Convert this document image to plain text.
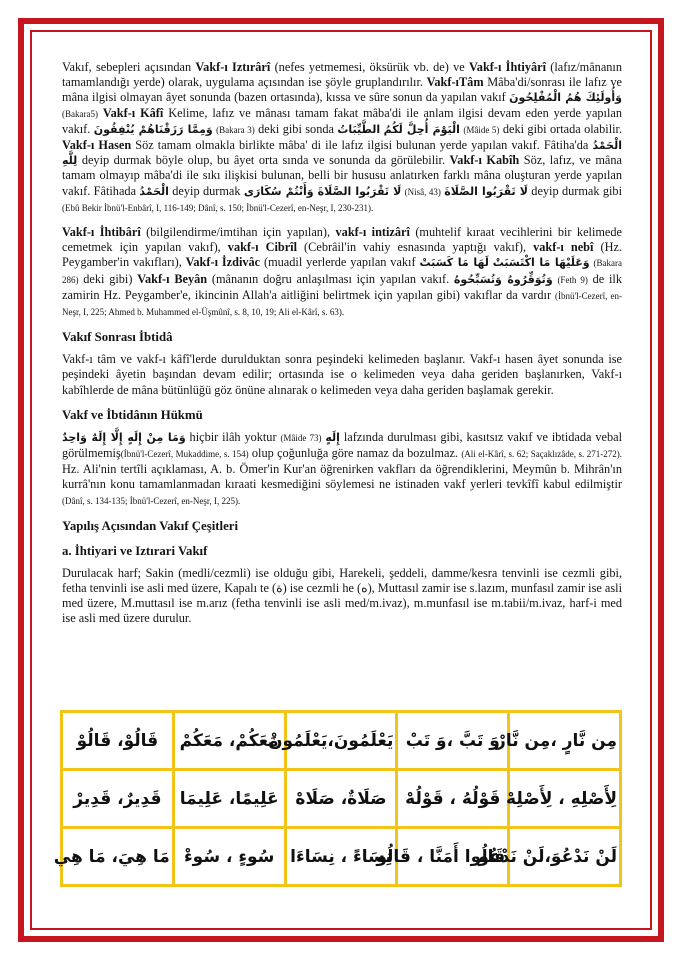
Vakıf, sebepleri açısından Vakf-ı Iztırârî (nefes yetmemesi, öksürük vb. de) ve Vakf-ı İhtiyârî (lafız/mânanın tamamlandığı yerde) olarak, uygulama açısından ise şöyle gruplandırılır. Vakf-ıTâm Mâba'di/sonrası ile lafız ve mâna ilgisi olmayan âyet sonunda (bazen ortasında), kıssa ve sûre sonun da yapılan vakıf وَأُولَئِكَ هُمُ الْمُفْلِحُونَ (Bakara5) Vakf-ı Kâfî Kelime, lafız ve mânası tamam fakat mâba'di ile anlam ilgisi devam eden yerde yapılan vakıf. وَمِمَّا رَزَقْنَاهُمْ يُنْفِقُونَ (Bakara 3) deki gibi sonda الطَّيِّبَاتُ الْيَوْمَ أُحِلَّ لَكُمُ (Mâide 5) deki gibi ortada olabilir. Vakf-ı Hasen Söz tamam olmakla birlikte mâba' di ile lafız ilgisi bulunan yerde yapılan vakıf. Fâtiha'da الْحَمْدُ لِلَّهِ deyip durmak böyle olup, bu âyet orta sında ve sonunda da görülebilir. Vakf-ı Kabîh Söz, lafız, ve mâna tamam olmayıp mâba'di ile sıkı ilişkisi bulunan, belli bir hususu anlatırken farklı mâna oluşturan yerde yapılan vakıf. Fâtihada الْحَمْدُ deyip durmak لَا تَقْرَبُوا الصَّلَاةَ وَأَنْتُمْ سُكَارَى (Nisâ, 43) لَا تَقْرَبُوا الصَّلَاةَ deyip durmak gibi (Ebû Bekir İbnü'l-Enbârî, I, 116-149; Dânî, s. 150; İbnü'l-Cezerî, en-Neşr, I, 230-231).

Vakf-ı İhtibârî (bilgilendirme/imtihan için yapılan), vakf-ı intizârî (muhtelif kıraat vecihlerini bir kelimede cemetmek için yapılan vakıf), vakf-ı Cibrîl (Cebrâil'in vahiy esnasında yaptığı vakıf), vakf-ı nebî (Hz. Peygamber'in vakıfları), Vakf-ı İzdivâc (muadil yerlerde yapılan vakıf لَهَا مَا كَسَبَتْ وَعَلَيْهَا مَا اكْتَسَبَتْ (Bakara 286) deki gibi) Vakf-ı Beyân (mânanın doğru anlaşılması için yapılan vakıf. وَتُوَقِّرُوهُ وَتُسَبِّحُوهُ (Feth 9) de ilk zamirin Hz. Peygamber'e, ikincinin Allah'a aitliğini belirtmek için yapılan gibi) vakıflar da vardır (İbnü'l-Cezerî, en-Neşr, I, 225; Ahmed b. Muhammed el-Üşmûnî, s. 8, 10, 19; Ali el-Kârî, s. 63).

Vakıf Sonrası İbtidâ

Vakf-ı tâm ve vakf-ı kâfî'lerde durulduktan sonra peşindeki kelimeden başlanır. Vakf-ı hasen âyet sonunda ise peşindeki âyetin başından devam edilir; ortasında ise o kelimeden veya daha geriden başlanırken, Vakf-ı kabîhlerde de mâna bütünlüğü göz önüne alınarak o kelimeden veya daha geriden başlamak gerekir.

Vakf ve İbtidânın Hükmü

وَمَا مِنْ إِلَهٍ إِلَّا إِلَهٌ وَاحِدٌ hiçbir ilâh yoktur (Mâide 73) إِلَهٍ lafzında durulması gibi, kasıtsız vakıf ve ibtidada vebal görülmemiş(İbnü'l-Cezerî, Mukaddime, s. 154) olup çoğunluğa göre namaz da bozulmaz. (Ali el-Kârî, s. 62; Saçaklızâde, s. 271-272). Hz. Ali'nin tertîli açıklaması, A. b. Ömer'in Kur'an öğrenirken vakfları da öğrendiklerini, Meymûn b. Mihrân'ın kurrâ'nın konu tamamlanmadan kıraati kesmediğini söylemesi ne istinaden vakf yerleri tevkîfî kabul edilmiştir (Dânî, s. 134-135; İbnü'l-Cezerî, en-Neşr, I, 225).

Yapılış Açısından Vakıf Çeşitleri
a. İhtiyari ve Iztırari Vakıf

Durulacak harf; Sakin (medli/cezmli) ise olduğu gibi, Harekeli, şeddeli, damme/kesra tenvinli ise cezmli gibi, fetha tenvinli ise asli med üzere, Kapalı te (ة) ise cezmli he (ه), Muttasıl zamir ise s.lazım, munfasıl zamir ise asli med üzere, M.muttasıl ise m.arız (fetha tenvinli ise asli med/m.ivaz), m.munfasıl ise m.tabii/m.ivaz, harf-i med ise asli med üzere durulur.

قَالُوْ، قَالُوْ	مَعَكُمْ، مَعَكُمْ	يَعْلَمُونَ،يَعْلَمُونْ	وَ تَبَّ ،وَ تَبْ	مِن نَّارٍ ،مِن نَّارْ
قَدِيرٌ، قَدِيرْ	عَلِيمًا، عَلِيمَا	صَلَاةٌ، صَلَاهْ	قَوْلُهُ ، قَوْلُهْ	لِأَصْلِهِ ، لِأَصْلِهْ
مَا هِيَ، مَا هِي	سُوءٍ ، سُوءْ	نِسَاءً ، نِسَاءَا	قَالُوا أَمَنَّا ، قَالُو	لَنْ نَدْعُوَ،لَنْ نَدْعُو
